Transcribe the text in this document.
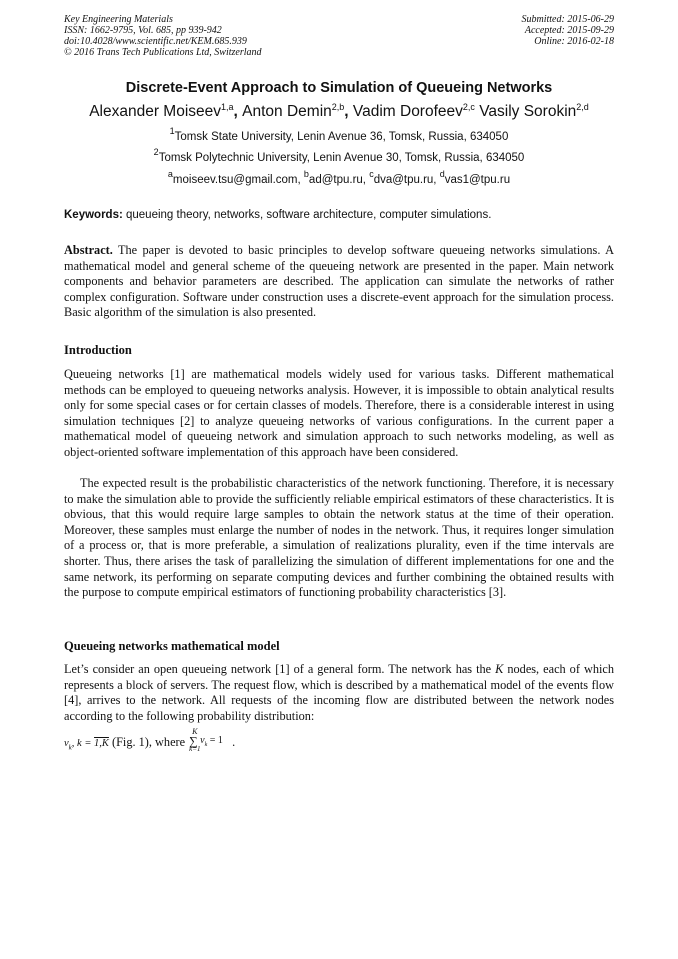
Key Engineering Materials
ISSN: 1662-9795, Vol. 685, pp 939-942
doi:10.4028/www.scientific.net/KEM.685.939
© 2016 Trans Tech Publications Ltd, Switzerland
Submitted: 2015-06-29
Accepted: 2015-09-29
Online: 2016-02-18
Discrete-Event Approach to Simulation of Queueing Networks
Alexander Moiseev$^{1,a}$, Anton Demin$^{2,b}$, Vadim Dorofeev$^{2,c}$ Vasily Sorokin$^{2,d}$
$^1$Tomsk State University, Lenin Avenue 36, Tomsk, Russia, 634050
$^2$Tomsk Polytechnic University, Lenin Avenue 30, Tomsk, Russia, 634050
$^a$moiseev.tsu@gmail.com, $^b$ad@tpu.ru, $^c$dva@tpu.ru, $^d$vas1@tpu.ru
Keywords: queueing theory, networks, software architecture, computer simulations.
Abstract. The paper is devoted to basic principles to develop software queueing networks simulations. A mathematical model and general scheme of the queueing network are presented in the paper. Main network components and behavior parameters are described. The application can simulate the networks of rather complex configuration. Software under construction uses a discrete-event approach for the simulation process. Basic algorithm of the simulation is also presented.
Introduction
Queueing networks [1] are mathematical models widely used for various tasks. Different mathematical methods can be employed to queueing networks analysis. However, it is impossible to obtain analytical results only for some special cases or for certain classes of models. Therefore, there is a considerable interest in using simulation techniques [2] to analyze queueing networks of various configurations. In the current paper a mathematical model of queueing network and simulation approach to such networks modeling, as well as object-oriented software implementation of this approach have been considered.
The expected result is the probabilistic characteristics of the network functioning. Therefore, it is necessary to make the simulation able to provide the sufficiently reliable empirical estimators of these characteristics. It is obvious, that this would require large samples to obtain the network status at the time of their operation. Moreover, these samples must enlarge the number of nodes in the network. Thus, it requires longer simulation of a process or, that is more preferable, a simulation of realizations plurality, even if the time intervals are shorter. Thus, there arises the task of parallelizing the simulation of different implementations for one and the same network, its performing on separate computing devices and further combining the obtained results with the purpose to compute empirical estimators of functioning probability characteristics [3].
Queueing networks mathematical model
Let’s consider an open queueing network [1] of a general form. The network has the K nodes, each of which represents a block of servers. The request flow, which is described by a mathematical model of the events flow [4], arrives to the network. All requests of the incoming flow are distributed between the network nodes according to the following probability distribution:
$v_k$, k = 1,K (Fig. 1), where
K
∑
k=1
$v_k = 1$ .
